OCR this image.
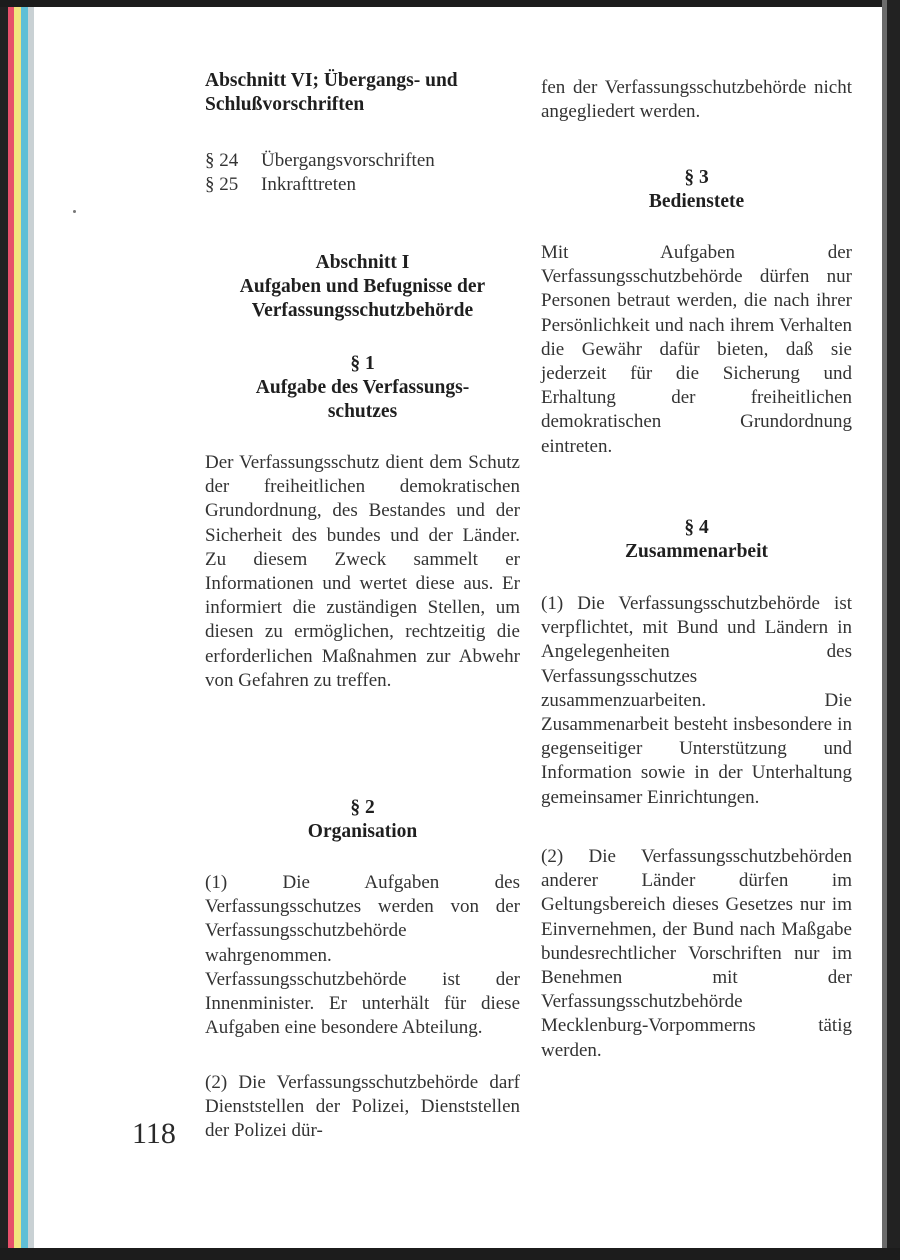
Abschnitt VI; Übergangs- und
Schlußvorschriften
§ 24 Übergangsvorschriften
§ 25 Inkrafttreten
Abschnitt I
Aufgaben und Befugnisse der
Verfassungsschutzbehörde
§ 1
Aufgabe des Verfassungs-
schutzes

Der Verfassungsschutz dient dem Schutz der freiheitlichen demokratischen Grundordnung, des Bestandes und der Sicherheit des bundes und der Länder. Zu diesem Zweck sammelt er Informationen und wertet diese aus. Er informiert die zuständigen Stellen, um diesen zu ermöglichen, rechtzeitig die erforderlichen Maßnahmen zur Abwehr von Gefahren zu treffen.

§ 2
Organisation

(1) Die Aufgaben des Verfassungsschutzes werden von der Verfassungsschutzbehörde wahrgenommen. Verfassungsschutzbehörde ist der Innenminister. Er unterhält für diese Aufgaben eine besondere Abteilung.

(2) Die Verfassungsschutzbehörde darf Dienststellen der Polizei, Dienststellen der Polizei dür-

fen der Verfassungsschutzbehörde nicht angegliedert werden.

§ 3
Bedienstete

Mit Aufgaben der Verfassungsschutzbehörde dürfen nur Personen betraut werden, die nach ihrer Persönlichkeit und nach ihrem Verhalten die Gewähr dafür bieten, daß sie jederzeit für die Sicherung und Erhaltung der freiheitlichen demokratischen Grundordnung eintreten.

§ 4
Zusammenarbeit

(1) Die Verfassungsschutzbehörde ist verpflichtet, mit Bund und Ländern in Angelegenheiten des Verfassungsschutzes zusammenzuarbeiten. Die Zusammenarbeit besteht insbesondere in gegenseitiger Unterstützung und Information sowie in der Unterhaltung gemeinsamer Einrichtungen.

(2) Die Verfassungsschutzbehörden anderer Länder dürfen im Geltungsbereich dieses Gesetzes nur im Einvernehmen, der Bund nach Maßgabe bundesrechtlicher Vorschriften nur im Benehmen mit der Verfassungsschutzbehörde Mecklenburg-Vorpommerns tätig werden.

118
